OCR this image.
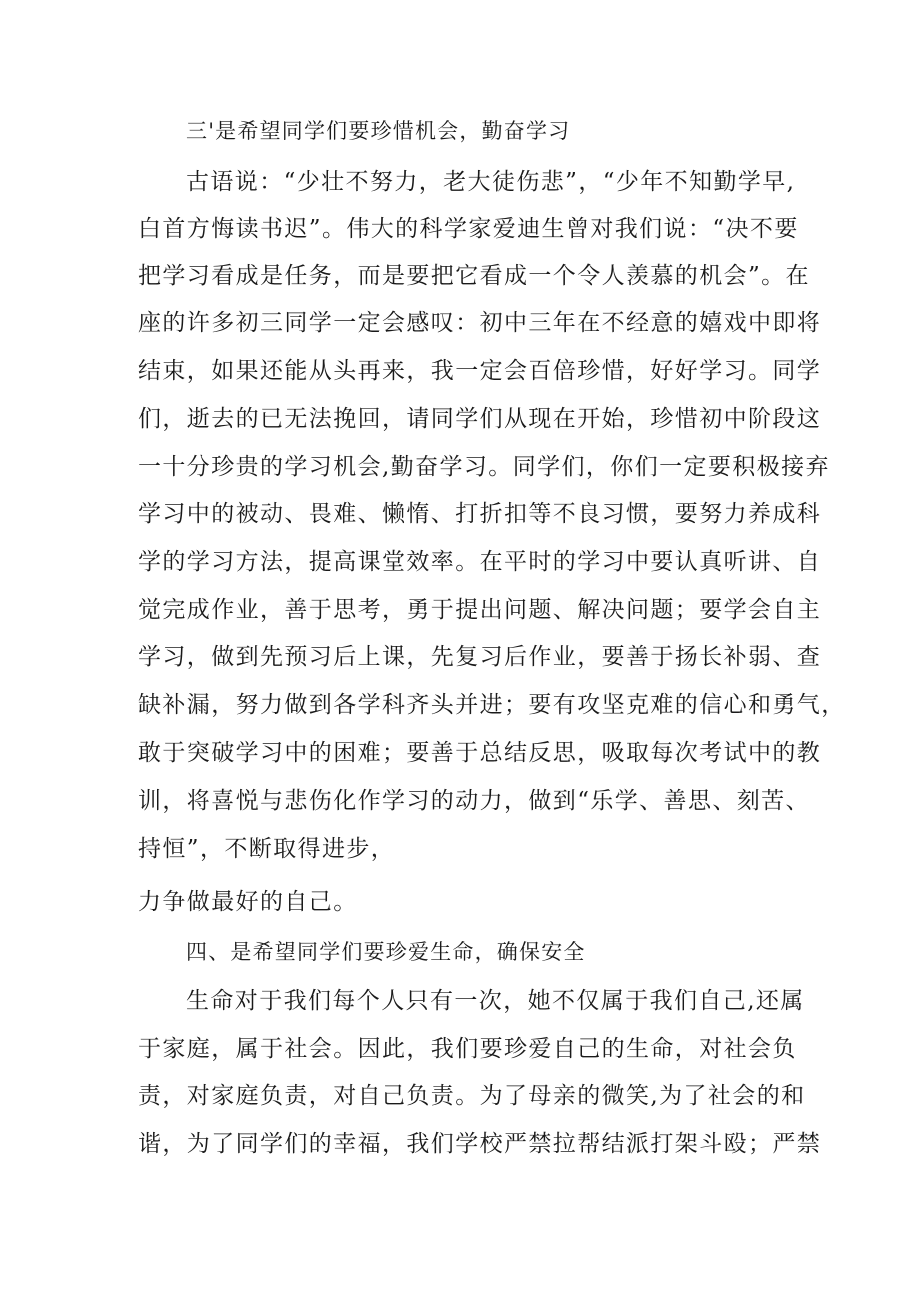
三'是希望同学们要珍惜机会，勤奋学习
古语说：“少壮不努力，老大徒伤悲”，“少年不知勤学早,
白首方悔读书迟”。伟大的科学家爱迪生曾对我们说：“决不要
把学习看成是任务，而是要把它看成一个令人羡慕的机会”。在
座的许多初三同学一定会感叹：初中三年在不经意的嬉戏中即将
结束，如果还能从头再来，我一定会百倍珍惜，好好学习。同学
们，逝去的已无法挽回，请同学们从现在开始，珍惜初中阶段这
一十分珍贵的学习机会,勤奋学习。同学们，你们一定要积极接弃
学习中的被动、畏难、懒惰、打折扣等不良习惯，要努力养成科
学的学习方法，提高课堂效率。在平时的学习中要认真听讲、自
觉完成作业，善于思考，勇于提出问题、解决问题；要学会自主
学习，做到先预习后上课，先复习后作业，要善于扬长补弱、查
缺补漏，努力做到各学科齐头并进；要有攻坚克难的信心和勇气，
敢于突破学习中的困难；要善于总结反思，吸取每次考试中的教
训，将喜悦与悲伤化作学习的动力，做到“乐学、善思、刻苦、
持恒”，不断取得进步，
力争做最好的自己。
四、是希望同学们要珍爱生命，确保安全
生命对于我们每个人只有一次，她不仅属于我们自己,还属
于家庭，属于社会。因此，我们要珍爱自己的生命，对社会负
责，对家庭负责，对自己负责。为了母亲的微笑,为了社会的和
谐，为了同学们的幸福，我们学校严禁拉帮结派打架斗殴；严禁
